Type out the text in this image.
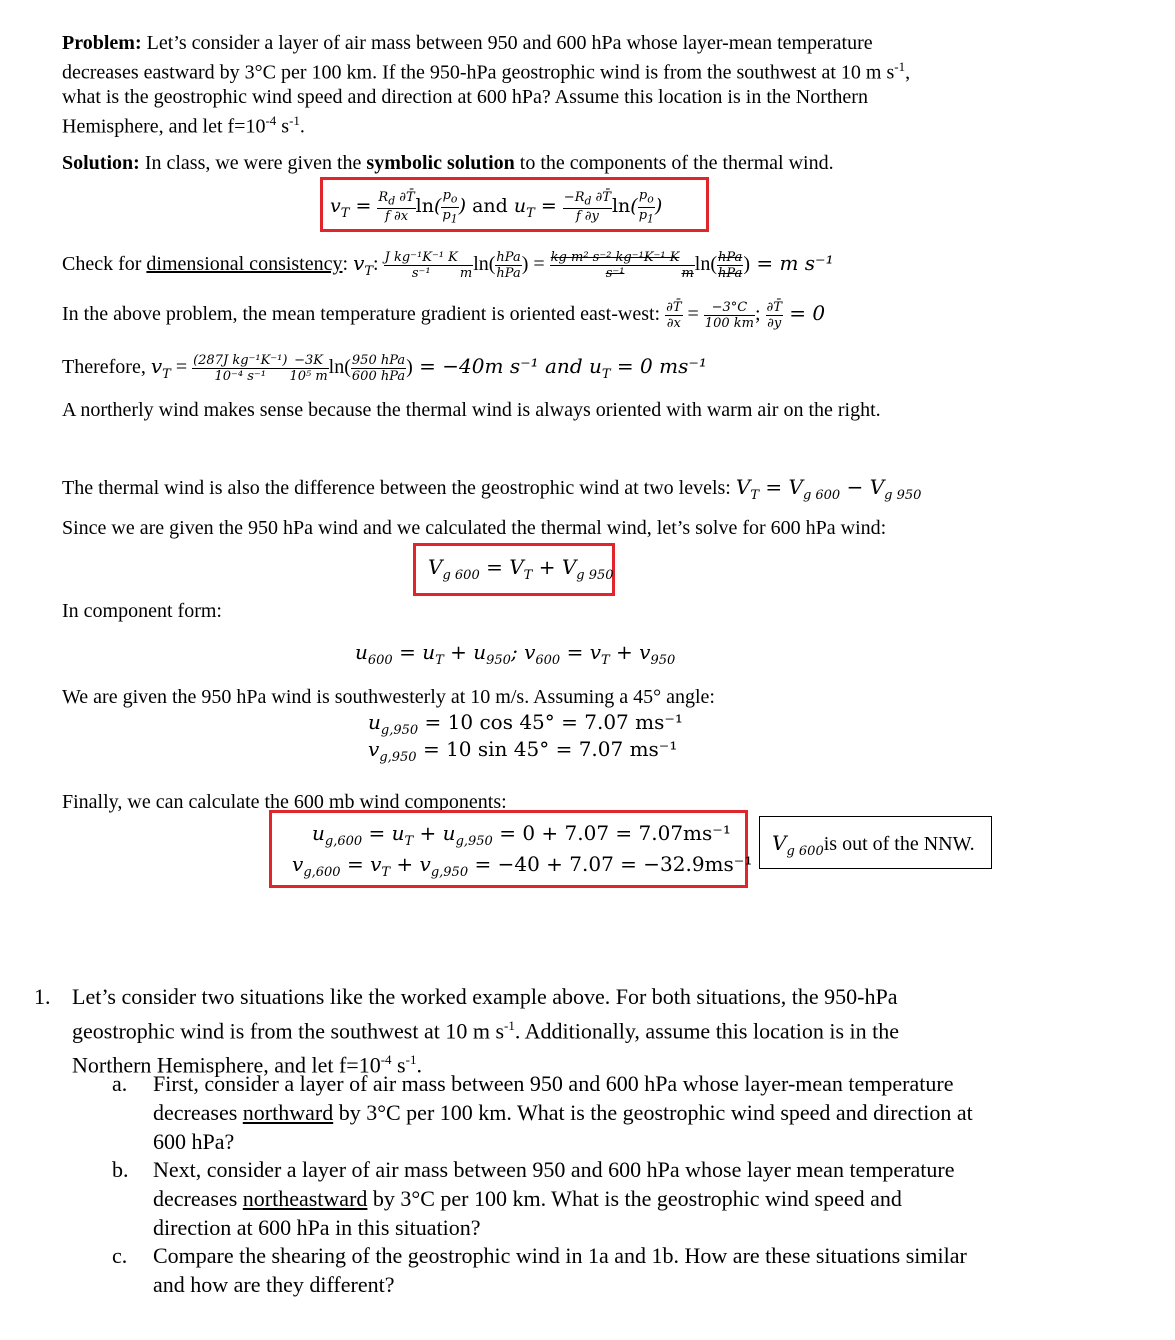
Problem: Let’s consider a layer of air mass between 950 and 600 hPa whose layer-mean temperature
decreases eastward by 3°C per 100 km. If the 950-hPa geostrophic wind is from the southwest at 10 m $s^{-1}$,
what is the geostrophic wind speed and direction at 600 hPa? Assume this location is in the Northern
Hemisphere, and let $f=10^{-4}$ $s^{-1}$.
Solution: In class, we were given the symbolic solution to the components of the thermal wind.
$v_T = \frac{R_d \partial T̄}{f \partial x} \ln( \frac{p_o}{p_1}$ ) and $u_T = \frac{-R_d \partial T̄}{f \partial y} \ln( \frac{p_o}{p_1}$ )
Check for dimensional consistency: $v_T$: $\frac{\text{J kg⁻¹K⁻¹ K}}{\text{s⁻¹}}$
m $\ln( \frac{\text{hPa}}{\text{hPa}}$ ) = $\frac{\text{kg m² s⁻² kg⁻¹K⁻¹ K}}{\text{s⁻¹}}$
m $\ln( \frac{\text{hPa}}{\text{hPa}}$ ) = m s⁻¹
In the above problem, the mean temperature gradient is oriented east-west: $\frac{\partial T̄}{\partial x} = \frac{-3^\circ C}{100 km}$ ; $\frac{\partial T̄}{\partial y} = 0$
Therefore, $v_T = \frac{\text{(287J kg⁻¹K⁻¹)}}{\text{10⁻⁴ s⁻¹}} \frac{-3K}{\text{10⁵ m}} \ln( \frac{\text{950 hPa}}{\text{600 hPa}}$ ) = −40m s⁻¹ and $u_T = 0$ ms⁻¹
A northerly wind makes sense because the thermal wind is always oriented with warm air on the right.
The thermal wind is also the difference between the geostrophic wind at two levels: $V_T = V_{g 600} - V_{g 950}$
Since we are given the 950 hPa wind and we calculated the thermal wind, let’s solve for 600 hPa wind:
$V_{g 600} = V_T + V_{g 950}$
In component form:
$u_{600} = u_T + u_{950}$; $v_{600} = v_T + v_{950}$
We are given the 950 hPa wind is southwesterly at 10 m/s. Assuming a 45° angle:
$u_{g,950} = 10$ cos 45° = 7.07 ms⁻¹
$v_{g,950} = 10$ sin 45° = 7.07 ms⁻¹
Finally, we can calculate the 600 mb wind components:
$u_{g,600} = u_T + u_{g,950} = 0 + 7.07 = 7.07ms^{-1}$
$v_{g,600} = v_T + v_{g,950} = -40 + 7.07 = -32.9ms^{-1}$
$V_{g 600}is$ out of the NNW.
1. Let’s consider two situations like the worked example above. For both situations, the 950-hPa
geostrophic wind is from the southwest at 10 m $s^{-1}$. Additionally, assume this location is in the
Northern Hemisphere, and let $f=10^{-4}$ $s^{-1}$.
a. First, consider a layer of air mass between 950 and 600 hPa whose layer-mean temperature
decreases northward by 3°C per 100 km. What is the geostrophic wind speed and direction at
600 hPa?
b. Next, consider a layer of air mass between 950 and 600 hPa whose layer mean temperature
decreases northeastward by 3°C per 100 km. What is the geostrophic wind speed and
direction at 600 hPa in this situation?
c. Compare the shearing of the geostrophic wind in 1a and 1b. How are these situations similar
and how are they different?
